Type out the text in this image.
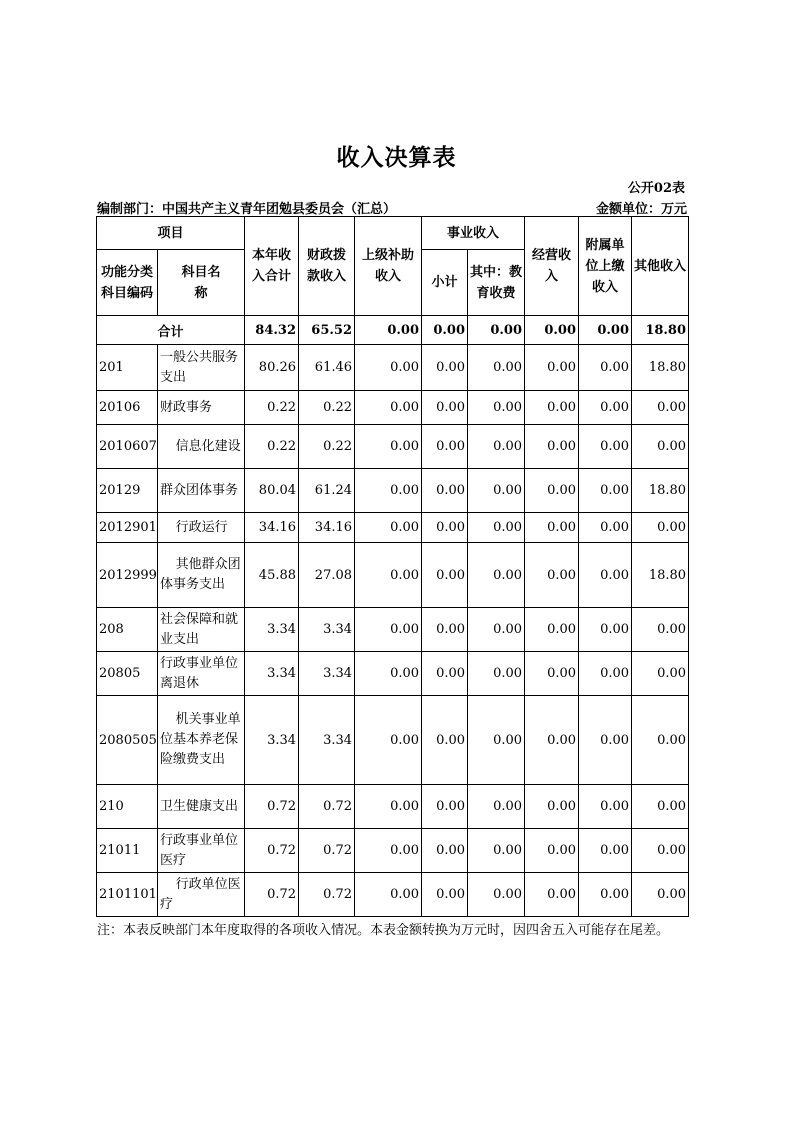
收入决算表
公开02表
编制部门：中国共产主义青年团勉县委员会（汇总）	金额单位：万元
项目		本年收入合计	财政拨款收入	上级补助收入	事业收入		经营收入	附属单位上缴收入	其他收入
功能分类科目编码	科目名称				小计	其中：教育收费			
合计		84.32	65.52	0.00	0.00	0.00	0.00	0.00	18.80
201	一般公共服务支出	80.26	61.46	0.00	0.00	0.00	0.00	0.00	18.80
20106	财政事务	0.22	0.22	0.00	0.00	0.00	0.00	0.00	0.00
2010607	信息化建设	0.22	0.22	0.00	0.00	0.00	0.00	0.00	0.00
20129	群众团体事务	80.04	61.24	0.00	0.00	0.00	0.00	0.00	18.80
2012901	行政运行	34.16	34.16	0.00	0.00	0.00	0.00	0.00	0.00
2012999	其他群众团体事务支出	45.88	27.08	0.00	0.00	0.00	0.00	0.00	18.80
208	社会保障和就业支出	3.34	3.34	0.00	0.00	0.00	0.00	0.00	0.00
20805	行政事业单位离退休	3.34	3.34	0.00	0.00	0.00	0.00	0.00	0.00
2080505	机关事业单位基本养老保险缴费支出	3.34	3.34	0.00	0.00	0.00	0.00	0.00	0.00
210	卫生健康支出	0.72	0.72	0.00	0.00	0.00	0.00	0.00	0.00
21011	行政事业单位医疗	0.72	0.72	0.00	0.00	0.00	0.00	0.00	0.00
2101101	行政单位医疗	0.72	0.72	0.00	0.00	0.00	0.00	0.00	0.00
注：本表反映部门本年度取得的各项收入情况。本表金额转换为万元时，因四舍五入可能存在尾差。
